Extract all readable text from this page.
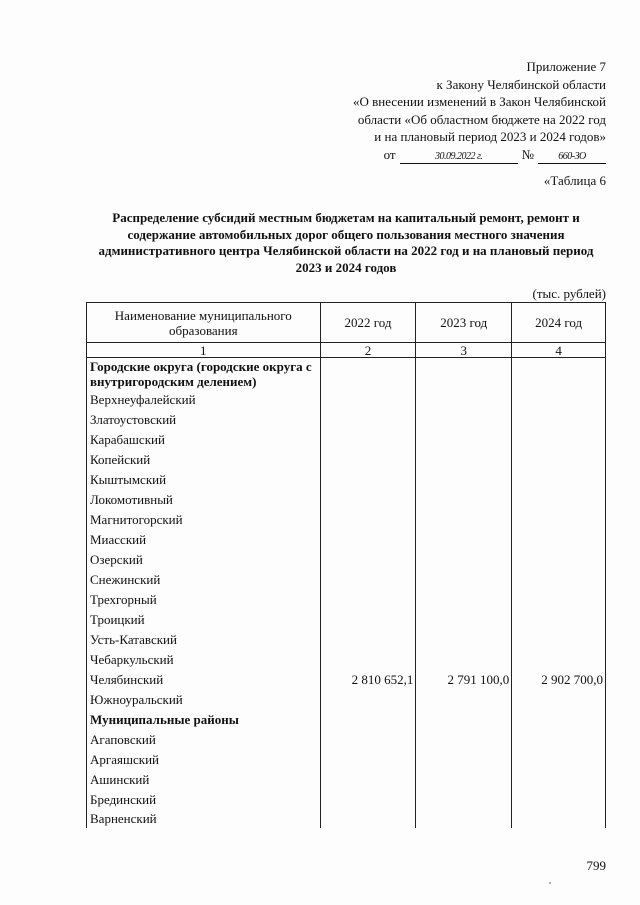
Приложение 7
к Закону Челябинской области
«О внесении изменений в Закон Челябинской
области «Об областном бюджете на 2022 год
и на плановый период 2023 и 2024 годов»
от	30.09.2022 г.	№	660-ЗО
«Таблица 6
Распределение субсидий местным бюджетам на капитальный ремонт, ремонт и содержание автомобильных дорог общего пользования местного значения административного центра Челябинской области на 2022 год и на плановый период 2023 и 2024 годов
(тыс. рублей)
Наименование муниципального образования	2022 год	2023 год	2024 год
1	2	3	4
Городские округа (городские округа с внутригородским делением)			
Верхнеуфалейский			
Златоустовский			
Карабашский			
Копейский			
Кыштымский			
Локомотивный			
Магнитогорский			
Миасский			
Озерский			
Снежинский			
Трехгорный			
Троицкий			
Усть-Катавский			
Чебаркульский			
Челябинский	2 810 652,1	2 791 100,0	2 902 700,0
Южноуральский			
Муниципальные районы			
Агаповский			
Аргаяшский			
Ашинский			
Брединский			
Варненский			
799
